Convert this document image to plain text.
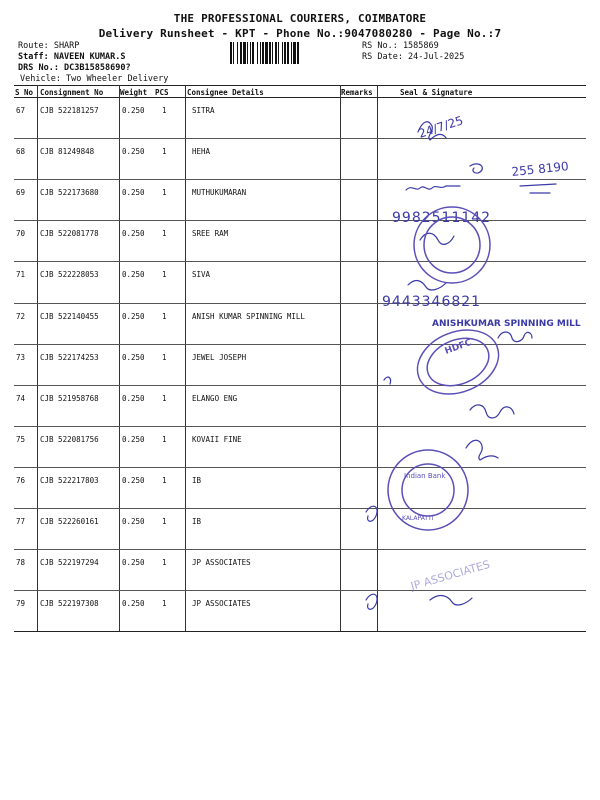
THE PROFESSIONAL COURIERS, COIMBATORE
Delivery Runsheet - KPT - Phone No.:9047080280 - Page No.:7
Route: SHARP
Staff: NAVEEN KUMAR.S
DRS No.: DC3B15858690?
Vehicle: Two Wheeler Delivery
RS No.: 1585869
RS Date: 24-Jul-2025
S No Consignment No Weight PCS Consignee Details	Remarks	Seal & Signature
67 CJB 522181257	0.250 1	SITRA
68 CJB 81249848	0.250 1	HEHA
69 CJB 522173680	0.250 1	MUTHUKUMARAN
70 CJB 522081778	0.250 1	SREE RAM
71 CJB 522228053	0.250 1	SIVA
72 CJB 522140455	0.250 1	ANISH KUMAR SPINNING MILL
73 CJB 522174253	0.250 1	JEWEL JOSEPH
74 CJB 521958768	0.250 1	ELANGO ENG
75 CJB 522081756	0.250 1	KOVAII FINE
76 CJB 522217803	0.250 1	IB
77 CJB 522260161	0.250 1	IB
78 CJB 522197294	0.250 1	JP ASSOCIATES
79 CJB 522197308	0.250 1	JP ASSOCIATES
24/7/25
255 8190
9982511142
9443346821
ANISHKUMAR SPINNING MILL
HDFC
Indian Bank
KALAPATTI
JP ASSOCIATES
